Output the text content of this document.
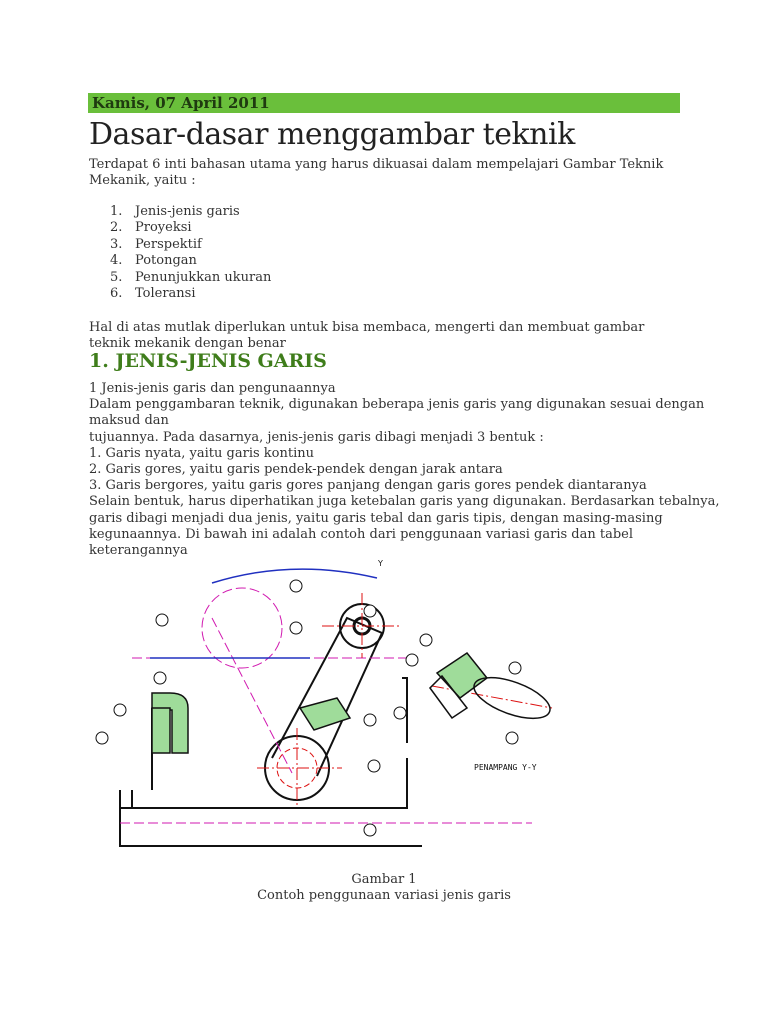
Kamis, 07 April 2011
Dasar-dasar menggambar teknik
Terdapat 6 inti bahasan utama yang harus dikuasai dalam mempelajari Gambar Teknik Mekanik, yaitu :
1. Jenis-jenis garis
2. Proyeksi
3. Perspektif
4. Potongan
5. Penunjukkan ukuran
6. Toleransi
Hal di atas mutlak diperlukan untuk bisa membaca, mengerti dan membuat gambar teknik mekanik dengan benar
1. JENIS-JENIS GARIS
1 Jenis-jenis garis dan pengunaannya
Dalam penggambaran teknik, digunakan beberapa jenis garis yang digunakan sesuai dengan
maksud dan
tujuannya. Pada dasarnya, jenis-jenis garis dibagi menjadi 3 bentuk :
1. Garis nyata, yaitu garis kontinu
2. Garis gores, yaitu garis pendek-pendek dengan jarak antara
3. Garis bergores, yaitu garis gores panjang dengan garis gores pendek diantaranya
Selain bentuk, harus diperhatikan juga ketebalan garis yang digunakan. Berdasarkan tebalnya,
garis dibagi menjadi dua jenis, yaitu garis tebal dan garis tipis, dengan masing-masing
kegunaannya. Di bawah ini adalah contoh dari penggunaan variasi garis dan tabel
keterangannya
PENAMPANG Y-Y
Y
Gambar 1
Contoh penggunaan variasi jenis garis
